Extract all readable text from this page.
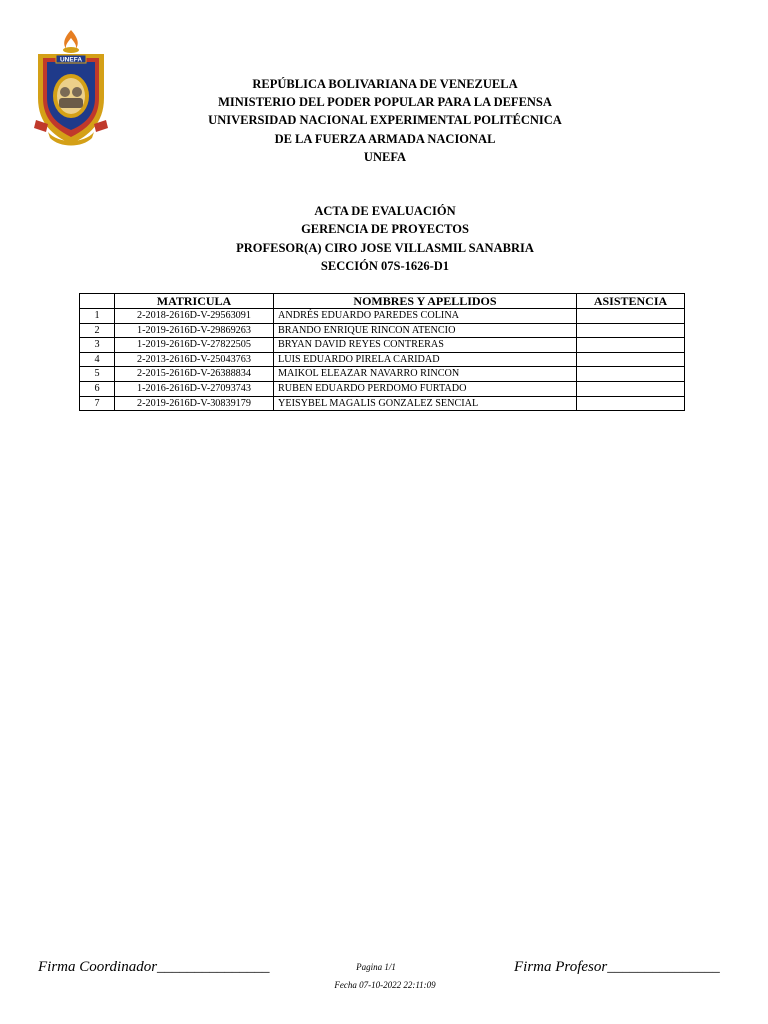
UNEFA
REPÚBLICA BOLIVARIANA DE VENEZUELA
MINISTERIO DEL PODER POPULAR PARA LA DEFENSA
UNIVERSIDAD NACIONAL EXPERIMENTAL POLITÉCNICA
DE LA FUERZA ARMADA NACIONAL
UNEFA
ACTA DE EVALUACIÓN
GERENCIA DE PROYECTOS
PROFESOR(A) CIRO JOSE VILLASMIL SANABRIA
SECCIÓN 07S-1626-D1
	MATRICULA	NOMBRES Y APELLIDOS	ASISTENCIA
1	2-2018-2616D-V-29563091	ANDRÉS EDUARDO PAREDES COLINA	
2	1-2019-2616D-V-29869263	BRANDO ENRIQUE RINCON ATENCIO	
3	1-2019-2616D-V-27822505	BRYAN DAVID REYES CONTRERAS	
4	2-2013-2616D-V-25043763	LUIS EDUARDO PIRELA CARIDAD	
5	2-2015-2616D-V-26388834	MAIKOL ELEAZAR NAVARRO RINCON	
6	1-2016-2616D-V-27093743	RUBEN EDUARDO PERDOMO FURTADO	
7	2-2019-2616D-V-30839179	YEISYBEL MAGALIS GONZALEZ SENCIAL	
Firma Coordinador_______________	Pagina 1/1	Firma Profesor_______________
Fecha 07-10-2022 22:11:09
